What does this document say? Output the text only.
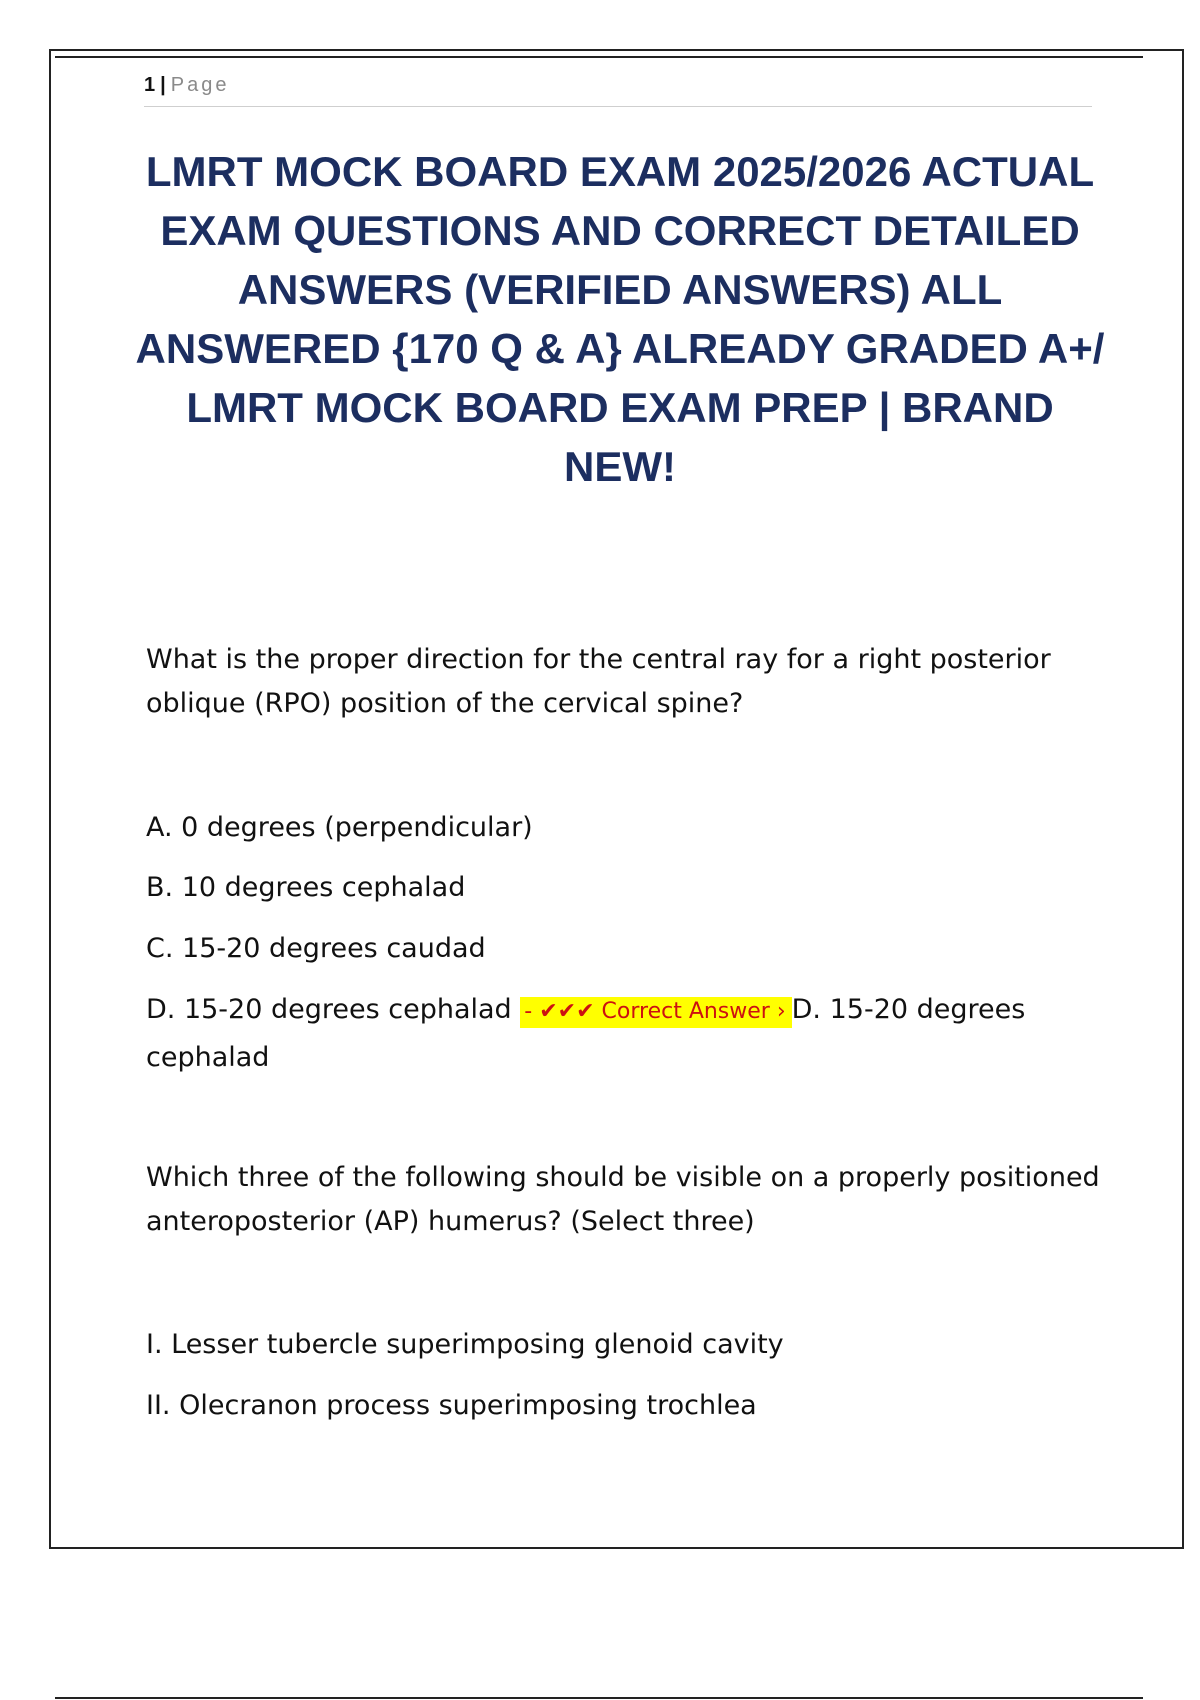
1 | Page
LMRT MOCK BOARD EXAM 2025/2026 ACTUAL EXAM QUESTIONS AND CORRECT DETAILED ANSWERS (VERIFIED ANSWERS) ALL ANSWERED {170 Q & A} ALREADY GRADED A+/ LMRT MOCK BOARD EXAM PREP | BRAND NEW!
What is the proper direction for the central ray for a right posterior oblique (RPO) position of the cervical spine?
A. 0 degrees (perpendicular)
B. 10 degrees cephalad
C. 15-20 degrees caudad
D. 15-20 degrees cephalad - ✔✔✔ Correct Answer › D. 15-20 degrees cephalad
Which three of the following should be visible on a properly positioned anteroposterior (AP) humerus? (Select three)
I. Lesser tubercle superimposing glenoid cavity
II. Olecranon process superimposing trochlea
